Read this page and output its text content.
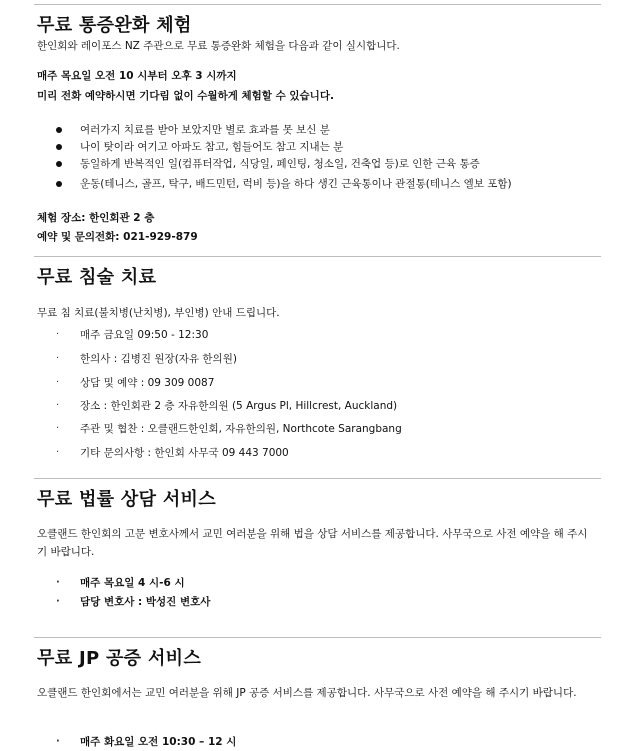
무료 통증완화 체험

한인회와 레이포스 NZ 주관으로 무료 통증완화 체험을 다음과 같이 실시합니다.

매주 목요일 오전 10 시부터 오후 3 시까지

미리 전화 예약하시면 기다림 없이 수월하게 체험할 수 있습니다.

여러가지 치료를 받아 보았지만 별로 효과를 못 보신 분
나이 탓이라 여기고 아파도 참고, 힘들어도 참고 지내는 분
동일하게 반복적인 일(컴퓨터작업, 식당일, 페인팅, 청소일, 건축업 등)로 인한 근육 통증
운동(테니스, 골프, 탁구, 배드민턴, 럭비 등)을 하다 생긴 근육통이나 관절통(테니스 엘보 포함)

체험 장소: 한인회관 2 층

예약 및 문의전화: 021-929-879

무료 침술 치료

무료 침 치료(불치병(난치병), 부인병) 안내 드립니다.

· 매주 금요일 09:50 - 12:30
· 한의사 : 김병진 원장(자유 한의원)
· 상담 및 예약 : 09 309 0087
· 장소 : 한인회관 2 층 자유한의원 (5 Argus Pl, Hillcrest, Auckland)
· 주관 및 협찬 : 오클랜드한인회, 자유한의원, Northcote Sarangbang
· 기타 문의사항 : 한인회 사무국 09 443 7000
무료 법률 상담 서비스

오클랜드 한인회의 고문 변호사께서 교민 여러분을 위해 법을 상담 서비스를 제공합니다. 사무국으로 사전 예약을 해 주시기 바랍니다.

· 매주 목요일 4 시-6 시
· 담당 변호사 : 박성진 변호사
무료 JP 공증 서비스

오클랜드 한인회에서는 교민 여러분을 위해 JP 공증 서비스를 제공합니다. 사무국으로 사전 예약을 해 주시기 바랍니다.

· 매주 화요일 오전 10:30 – 12 시
